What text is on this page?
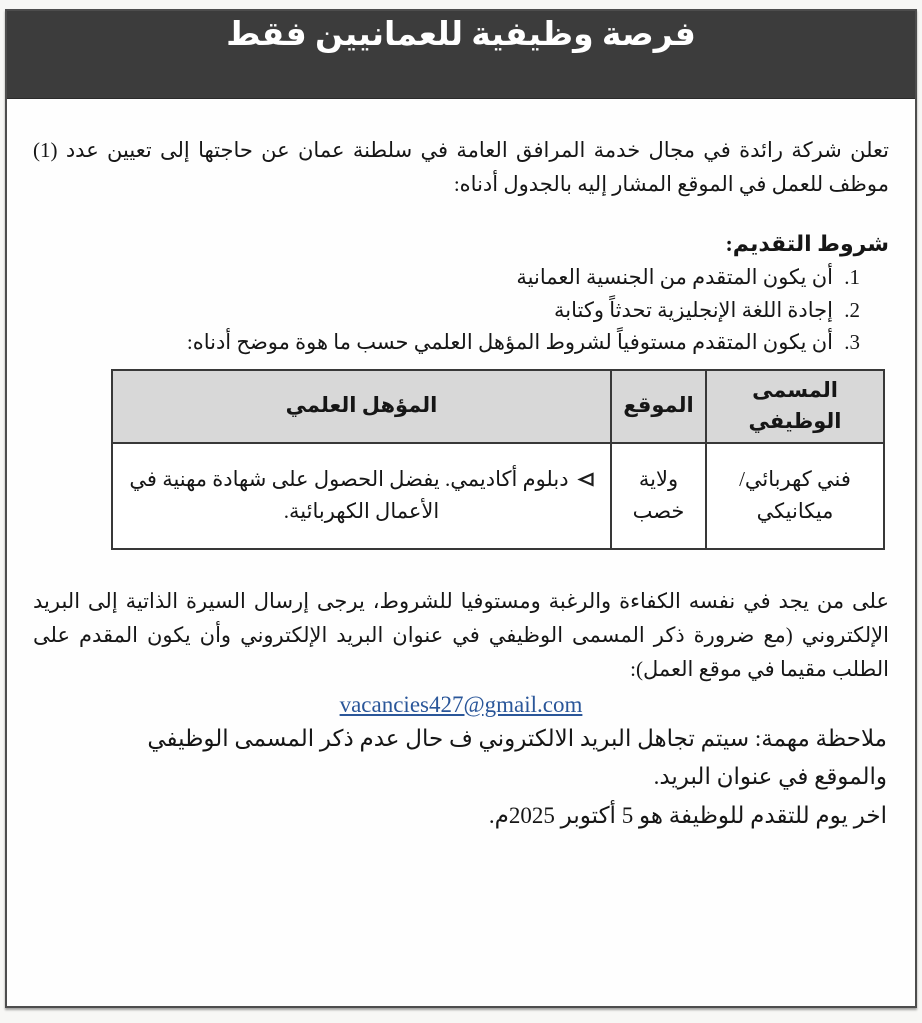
فرصة وظيفية للعمانيين فقط

تعلن شركة رائدة في مجال خدمة المرافق العامة في سلطنة عمان عن حاجتها إلى تعيين عدد (1) موظف للعمل في الموقع المشار إليه بالجدول أدناه:

شروط التقديم:

1. أن يكون المتقدم من الجنسية العمانية
2. إجادة اللغة الإنجليزية تحدثاً وكتابة
3. أن يكون المتقدم مستوفياً لشروط المؤهل العلمي حسب ما هوة موضح أدناه:
المسمى الوظيفي	الموقع	المؤهل العلمي
فني كهربائي/ ميكانيكي	ولاية خصب	دبلوم أكاديمي. يفضل الحصول على شهادة مهنية في الأعمال الكهربائية.

على من يجد في نفسه الكفاءة والرغبة ومستوفيا للشروط، يرجى إرسال السيرة الذاتية إلى البريد الإلكتروني (مع ضرورة ذكر المسمى الوظيفي في عنوان البريد الإلكتروني وأن يكون المقدم على الطلب مقيما في موقع العمل):

vacancies427@gmail.com

ملاحظة مهمة: سيتم تجاهل البريد الالكتروني ف حال عدم ذكر المسمى الوظيفي والموقع في عنوان البريد.

اخر يوم للتقدم للوظيفة هو 5 أكتوبر 2025م.
